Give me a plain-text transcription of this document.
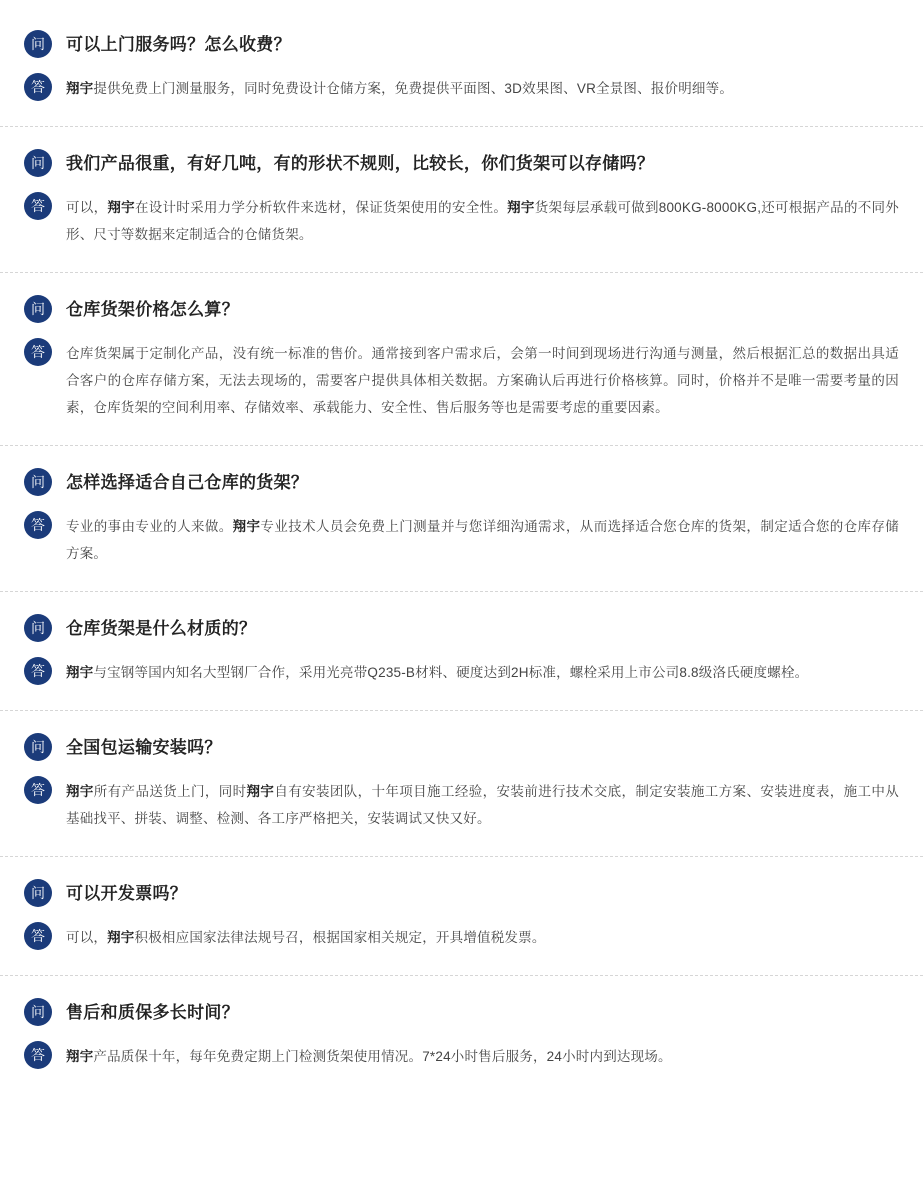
问	可以上门服务吗？怎么收费？
答	翔宇提供免费上门测量服务，同时免费设计仓储方案，免费提供平面图、3D效果图、VR全景图、报价明细等。
问	我们产品很重，有好几吨，有的形状不规则，比较长，你们货架可以存储吗？
答	可以，翔宇在设计时采用力学分析软件来选材，保证货架使用的安全性。翔宇货架每层承载可做到800KG-8000KG,还可根据产品的不同外形、尺寸等数据来定制适合的仓储货架。
问	仓库货架价格怎么算？
答	仓库货架属于定制化产品，没有统一标准的售价。通常接到客户需求后，会第一时间到现场进行沟通与测量，然后根据汇总的数据出具适合客户的仓库存储方案，无法去现场的，需要客户提供具体相关数据。方案确认后再进行价格核算。同时，价格并不是唯一需要考量的因素，仓库货架的空间利用率、存储效率、承载能力、安全性、售后服务等也是需要考虑的重要因素。
问	怎样选择适合自己仓库的货架？
答	专业的事由专业的人来做。翔宇专业技术人员会免费上门测量并与您详细沟通需求，从而选择适合您仓库的货架，制定适合您的仓库存储方案。
问	仓库货架是什么材质的？
答	翔宇与宝钢等国内知名大型钢厂合作，采用光亮带Q235-B材料、硬度达到2H标准，螺栓采用上市公司8.8级洛氏硬度螺栓。
问	全国包运输安装吗？
答	翔宇所有产品送货上门，同时翔宇自有安装团队，十年项目施工经验，安装前进行技术交底，制定安装施工方案、安装进度表，施工中从基础找平、拼装、调整、检测、各工序严格把关，安装调试又快又好。
问	可以开发票吗？
答	可以，翔宇积极相应国家法律法规号召，根据国家相关规定，开具增值税发票。
问	售后和质保多长时间？
答	翔宇产品质保十年，每年免费定期上门检测货架使用情况。7*24小时售后服务，24小时内到达现场。
